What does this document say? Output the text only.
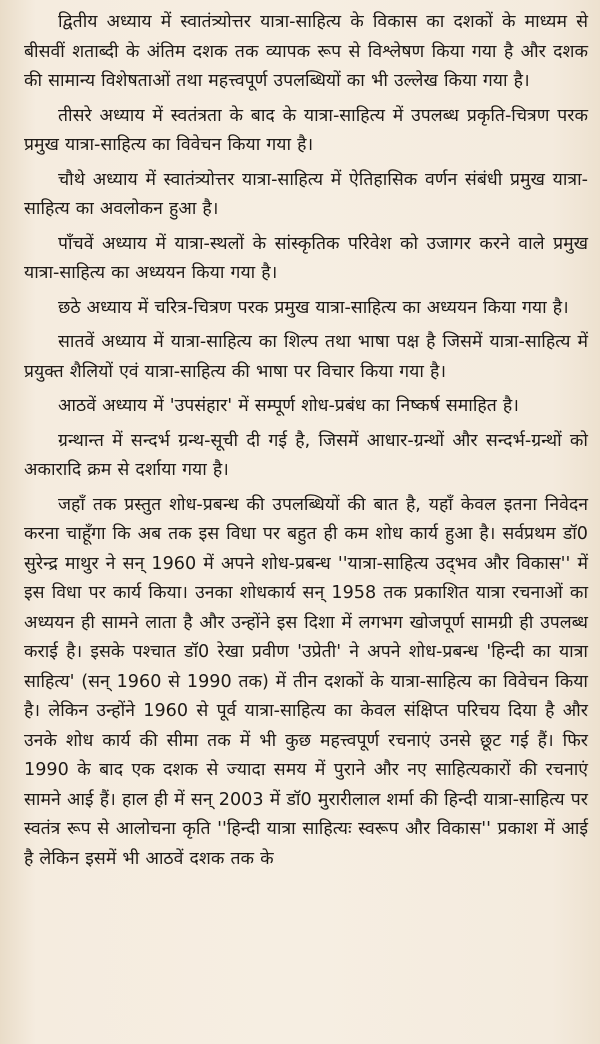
द्वितीय अध्याय में स्वातंत्र्योत्तर यात्रा-साहित्य के विकास का दशकों के माध्यम से बीसवीं शताब्दी के अंतिम दशक तक व्यापक रूप से विश्लेषण किया गया है और दशक की सामान्य विशेषताओं तथा महत्त्वपूर्ण उपलब्धियों का भी उल्लेख किया गया है।

तीसरे अध्याय में स्वतंत्रता के बाद के यात्रा-साहित्य में उपलब्ध प्रकृति-चित्रण परक प्रमुख यात्रा-साहित्य का विवेचन किया गया है।

चौथे अध्याय में स्वातंत्र्योत्तर यात्रा-साहित्य में ऐतिहासिक वर्णन संबंधी प्रमुख यात्रा-साहित्य का अवलोकन हुआ है।

पाँचवें अध्याय में यात्रा-स्थलों के सांस्कृतिक परिवेश को उजागर करने वाले प्रमुख यात्रा-साहित्य का अध्ययन किया गया है।

छठे अध्याय में चरित्र-चित्रण परक प्रमुख यात्रा-साहित्य का अध्ययन किया गया है।

सातवें अध्याय में यात्रा-साहित्य का शिल्प तथा भाषा पक्ष है जिसमें यात्रा-साहित्य में प्रयुक्त शैलियों एवं यात्रा-साहित्य की भाषा पर विचार किया गया है।

आठवें अध्याय में 'उपसंहार' में सम्पूर्ण शोध-प्रबंध का निष्कर्ष समाहित है।

ग्रन्थान्त में सन्दर्भ ग्रन्थ-सूची दी गई है, जिसमें आधार-ग्रन्थों और सन्दर्भ-ग्रन्थों को अकारादि क्रम से दर्शाया गया है।

जहाँ तक प्रस्तुत शोध-प्रबन्ध की उपलब्धियों की बात है, यहाँ केवल इतना निवेदन करना चाहूँगा कि अब तक इस विधा पर बहुत ही कम शोध कार्य हुआ है। सर्वप्रथम डॉ0 सुरेन्द्र माथुर ने सन् 1960 में अपने शोध-प्रबन्ध ''यात्रा-साहित्य उद्‌भव और विकास'' में इस विधा पर कार्य किया। उनका शोधकार्य सन् 1958 तक प्रकाशित यात्रा रचनाओं का अध्ययन ही सामने लाता है और उन्होंने इस दिशा में लगभग खोजपूर्ण सामग्री ही उपलब्ध कराई है। इसके पश्चात डॉ0 रेखा प्रवीण 'उप्रेती' ने अपने शोध-प्रबन्ध 'हिन्दी का यात्रा साहित्य' (सन् 1960 से 1990 तक) में तीन दशकों के यात्रा-साहित्य का विवेचन किया है। लेकिन उन्होंने 1960 से पूर्व यात्रा-साहित्य का केवल संक्षिप्त परिचय दिया है और उनके शोध कार्य की सीमा तक में भी कुछ महत्त्वपूर्ण रचनाएं उनसे छूट गई हैं। फिर 1990 के बाद एक दशक से ज्यादा समय में पुराने और नए साहित्यकारों की रचनाएं सामने आई हैं। हाल ही में सन् 2003 में डॉ0 मुरारीलाल शर्मा की हिन्दी यात्रा-साहित्य पर स्वतंत्र रूप से आलोचना कृति ''हिन्दी यात्रा साहित्यः स्वरूप और विकास'' प्रकाश में आई है लेकिन इसमें भी आठवें दशक तक के
